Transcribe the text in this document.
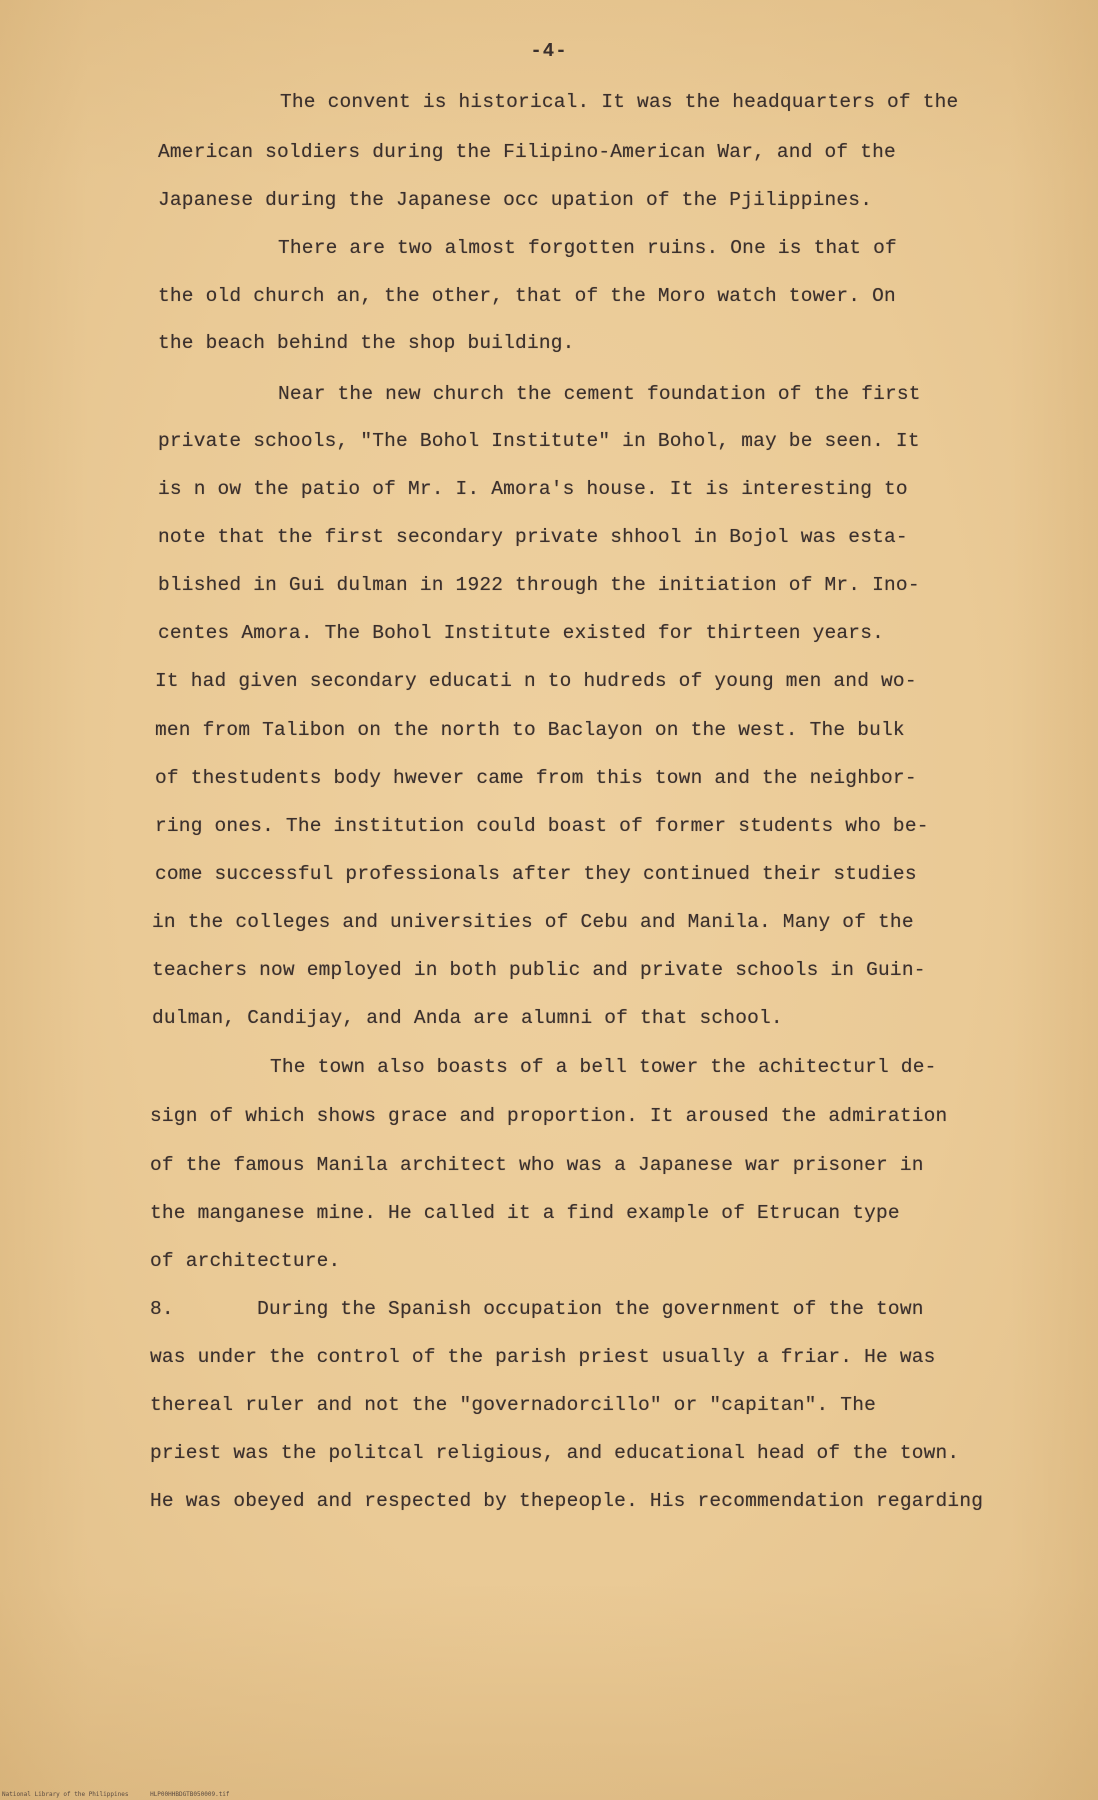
-4-
The convent is historical. It was the headquarters of the
American soldiers during the Filipino-American War, and of the
Japanese during the Japanese occ upation of the Pjilippines.
There are two almost forgotten ruins. One is that of
the old church an, the other, that of the Moro watch tower. On
the beach behind the shop building.
Near the new church the cement foundation of the first
private schools, "The Bohol Institute" in Bohol, may be seen. It
is n ow the patio of Mr. I. Amora's house. It is interesting to
note that the first secondary private shhool in Bojol was esta-
blished in Gui dulman in 1922 through the initiation of Mr. Ino-
centes Amora. The Bohol Institute existed for thirteen years.
It had given secondary educati n to hudreds of young men and wo-
men from Talibon on the north to Baclayon on the west. The bulk
of thestudents body hwever came from this town and the neighbor-
ring ones. The institution could boast of former students who be-
come successful professionals after they continued their studies
in the colleges and universities of Cebu and Manila. Many of the
teachers now employed in both public and private schools in Guin-
dulman, Candijay, and Anda are alumni of that school.
The town also boasts of a bell tower the achitecturl de-
sign of which shows grace and proportion. It aroused the admiration
of the famous Manila architect who was a Japanese war prisoner in
the manganese mine. He called it a find example of Etrucan type
of architecture.
8.       During the Spanish occupation the government of the town
was under the control of the parish priest usually a friar. He was
thereal ruler and not the "governadorcillo" or "capitan". The
priest was the politcal religious, and educational head of the town.
He was obeyed and respected by thepeople. His recommendation regarding
National Library of the Philippines	HLP00HHBDGTB050009.tif
